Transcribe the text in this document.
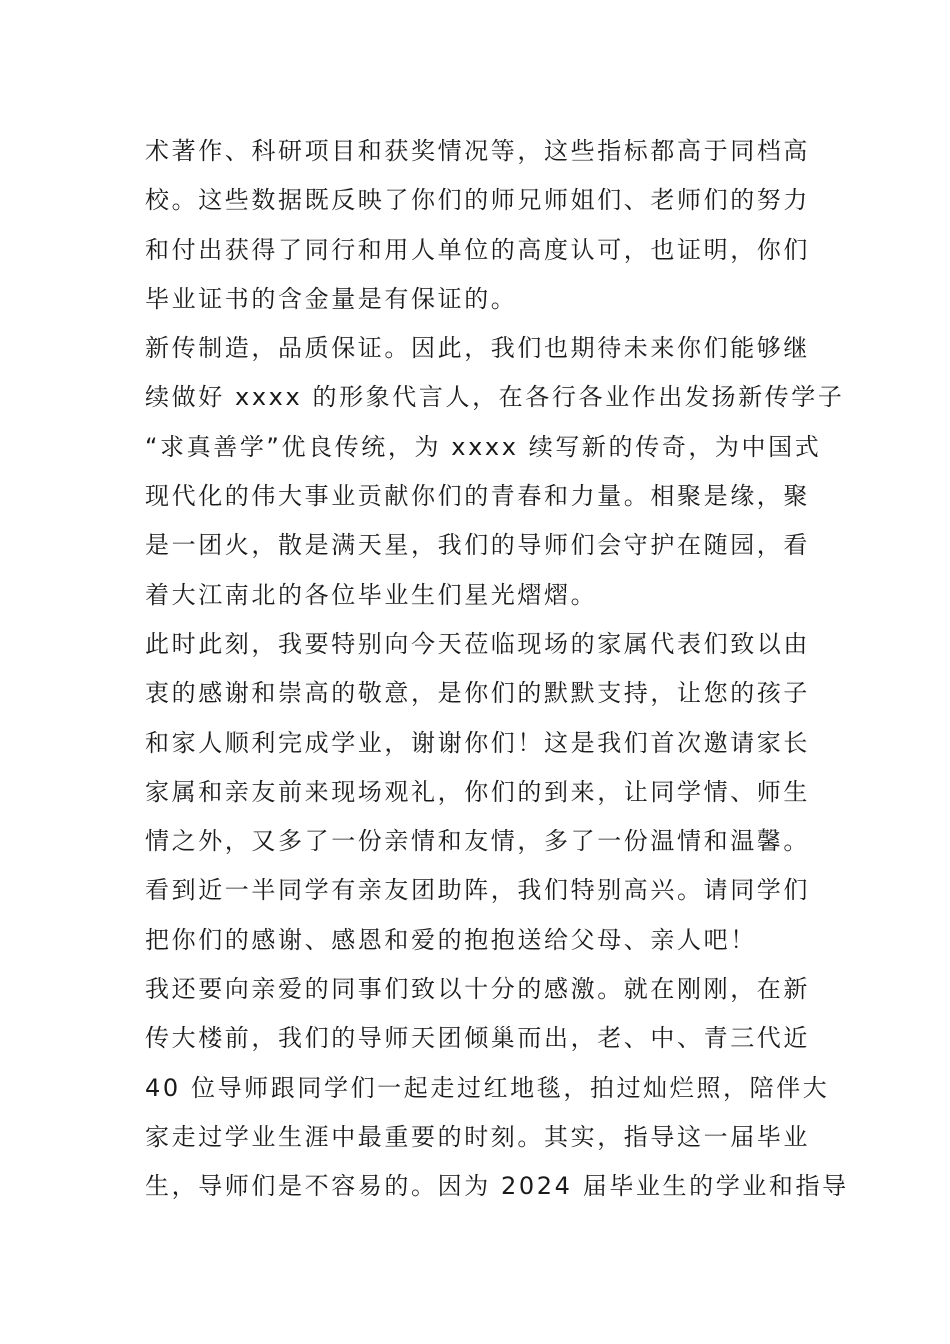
术著作、科研项目和获奖情况等，这些指标都高于同档高
校。这些数据既反映了你们的师兄师姐们、老师们的努力
和付出获得了同行和用人单位的高度认可，也证明，你们
毕业证书的含金量是有保证的。
新传制造，品质保证。因此，我们也期待未来你们能够继
续做好 xxxx 的形象代言人，在各行各业作出发扬新传学子
“求真善学”优良传统，为 xxxx 续写新的传奇，为中国式
现代化的伟大事业贡献你们的青春和力量。相聚是缘，聚
是一团火，散是满天星，我们的导师们会守护在随园，看
着大江南北的各位毕业生们星光熠熠。
此时此刻，我要特别向今天莅临现场的家属代表们致以由
衷的感谢和崇高的敬意，是你们的默默支持，让您的孩子
和家人顺利完成学业，谢谢你们！这是我们首次邀请家长
家属和亲友前来现场观礼，你们的到来，让同学情、师生
情之外，又多了一份亲情和友情，多了一份温情和温馨。
看到近一半同学有亲友团助阵，我们特别高兴。请同学们
把你们的感谢、感恩和爱的抱抱送给父母、亲人吧！
我还要向亲爱的同事们致以十分的感激。就在刚刚，在新
传大楼前，我们的导师天团倾巢而出，老、中、青三代近
40 位导师跟同学们一起走过红地毯，拍过灿烂照，陪伴大
家走过学业生涯中最重要的时刻。其实，指导这一届毕业
生，导师们是不容易的。因为 2024 届毕业生的学业和指导
